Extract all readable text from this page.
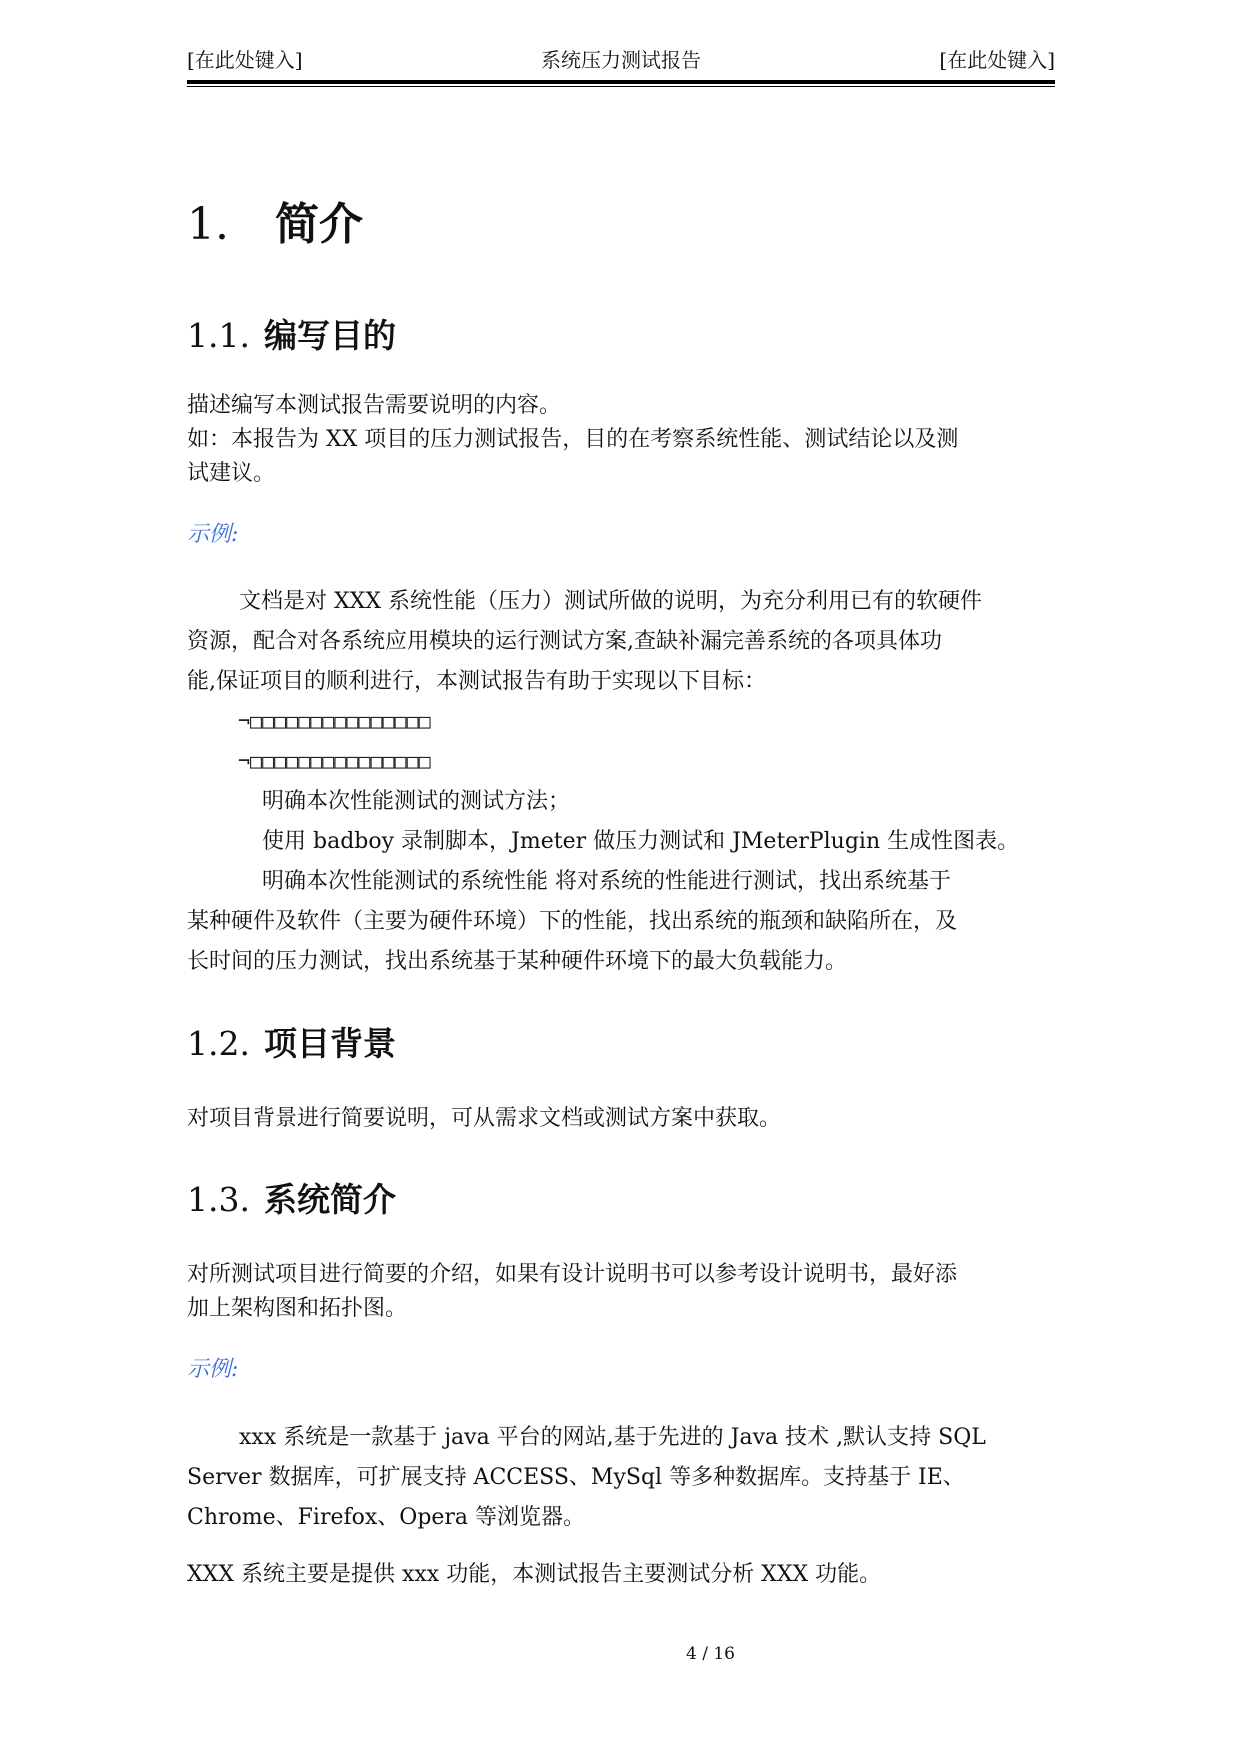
[在此处键入]	系统压力测试报告	[在此处键入]
1. 简介
1.1. 编写目的
描述编写本测试报告需要说明的内容。
如：本报告为 XX 项目的压力测试报告，目的在考察系统性能、测试结论以及测
试建议。
示例:
文档是对 XXX 系统性能（压力）测试所做的说明，为充分利用已有的软硬件
资源，配合对各系统应用模块的运行测试方案,查缺补漏完善系统的各项具体功
能,保证项目的顺利进行，本测试报告有助于实现以下目标：
¬□□□□□□□□□□□□□□□
¬□□□□□□□□□□□□□□□
明确本次性能测试的测试方法；
使用 badboy 录制脚本，Jmeter 做压力测试和 JMeterPlugin 生成性图表。
明确本次性能测试的系统性能 将对系统的性能进行测试，找出系统基于
某种硬件及软件（主要为硬件环境）下的性能，找出系统的瓶颈和缺陷所在，及
长时间的压力测试，找出系统基于某种硬件环境下的最大负载能力。
1.2. 项目背景
对项目背景进行简要说明，可从需求文档或测试方案中获取。
1.3. 系统简介
对所测试项目进行简要的介绍，如果有设计说明书可以参考设计说明书，最好添
加上架构图和拓扑图。
示例:
xxx 系统是一款基于 java 平台的网站,基于先进的 Java 技术 ,默认支持 SQL
Server 数据库，可扩展支持 ACCESS、MySql 等多种数据库。支持基于 IE、
Chrome、Firefox、Opera 等浏览器。
XXX 系统主要是提供 xxx 功能，本测试报告主要测试分析 XXX 功能。
4 / 16
